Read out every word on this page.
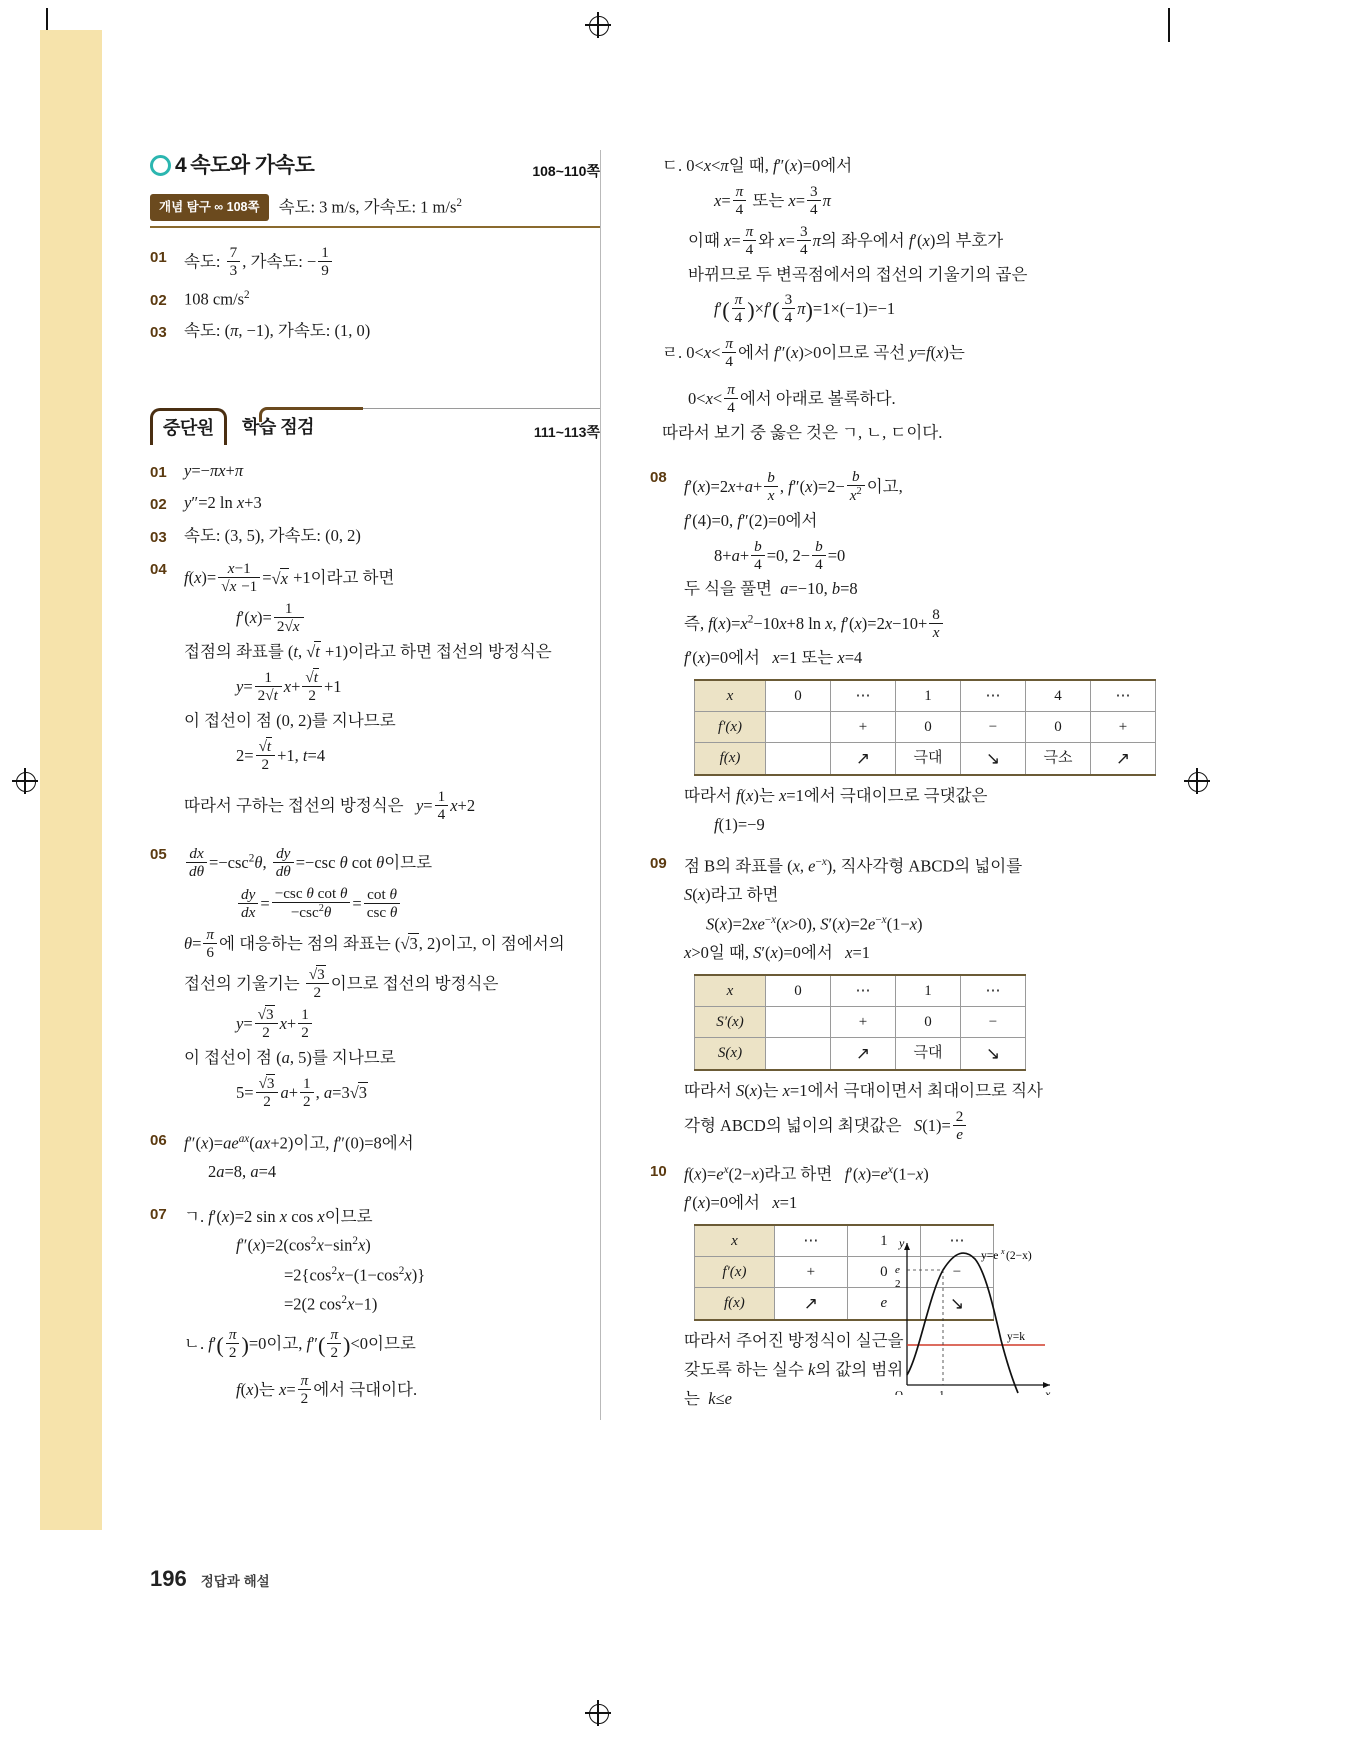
4 속도와 가속도	108~110쪽
개념 탐구 ∞ 108쪽	속도: 3 m/s, 가속도: 1 $m/s^2$
01	속도: $\frac{7}{3}$ , 가속도: − $\frac{1}{9}$
02	108 $cm/s^2$
03	속도: (π, −1), 가속도: (1, 0)
중단원	학습 점검	111~113쪽
01	y=−πx+π
02	y″=2 ln x+3
03	속도: (3, 5), 가속도: (0, 2)
04	f(x)= x−1
√ x −1 = √ x +1이라고 하면
$f'(x)= \frac{1}{2 √ x}$
접점의 좌표를 (t, √ t +1)이라고 하면 접선의 방정식은
$y= \frac{1}{2 √ t} x+$ √ $\frac{t}{2} +1$
이 접선이 점 (0, 2)를 지나므로
2= √ $\frac{t}{2} +1$, t=4
따라서 구하는 접선의 방정식은   $y= \frac{1}{4} x+2$
05	$\frac{dx}{d\theta} =-\csc^2\theta$, $\frac{dy}{d\theta} =-\csc$ θ cot θ이므로
$\frac{dy}{dx} = \frac{\text{−csc θ cot θ}}{-\csc^2\theta} = \frac{\text{cot θ}}{\text{csc θ}}$
$\theta= \frac{\pi}{6}$ 에 대응하는 점의 좌표는 ( √ 3, 2)이고, 이 점에서의
접선의 기울기는 √ $\frac{3}{2}$ 이므로 접선의 방정식은
y= √ $\frac{3}{2} x+ \frac{1}{2}$
이 접선이 점 (a, 5)를 지나므로
5= √ $\frac{3}{2} a+ \frac{1}{2}$ , a=3 √ 3
06	$f''(x)=ae^{ax}(ax+2)$이고, f″(0)=8에서
2a=8, a=4
07	ㄱ. f′(x)=2 sin x cos x이므로
$f''(x)=2(\cos^2x-\sin^2x)$
$=2\{\cos^2x-(1-\cos^2x)\}$
=2(2 $\cos^2x-1$)
ㄴ. $f'( \frac{\pi}{2} )=0$이고, $f''( \frac{\pi}{2} )<0$이므로
f(x)는 $x= \frac{\pi}{2}$ 에서 극대이다.
ㄷ. 0<x<π일 때, f″(x)=0에서
$x= \frac{\pi}{4}$ 또는 $x= \frac{3}{4}$ π
이때 $x= \frac{\pi}{4}$ 와 $x= \frac{3}{4}$ π의 좌우에서 f′(x)의 부호가
바뀌므로 두 변곡점에서의 접선의 기울기의 곱은
$f'( \frac{\pi}{4} )\times f'( \frac{3}{4} \pi)=1\times(-1)=-1$
ㄹ. $0<x< \frac{\pi}{4}$ 에서 f″(x)>0이므로 곡선 y=f(x)는
$0<x< \frac{\pi}{4}$ 에서 아래로 볼록하다.
따라서 보기 중 옳은 것은 ㄱ, ㄴ, ㄷ이다.
08	$f'(x)=2x+a+ \frac{b}{x}$ , $f''(x)=2- \frac{b}{x^2}$ 이고,
f′(4)=0, f″(2)=0에서
$8+a+ \frac{b}{4} =0$, $2- \frac{b}{4} =0$
두 식을 풀면  a=−10, b=8
즉, $f(x)=x^2-10x+8$ ln x, $f'(x)=2x-10+ \frac{8}{x}$
f′(x)=0에서   x=1 또는 x=4
x	0	⋯	1	⋯	4	⋯
f′(x)		+	0	−	0	+
f(x)		↗	극대	↘	극소	↗
따라서 f(x)는 x=1에서 극대이므로 극댓값은
f(1)=−9
09	점 B의 좌표를 (x, $e^{-x}$), 직사각형 ABCD의 넓이를
S(x)라고 하면
$S(x)=2xe^{-x}(x>0)$, $S'(x)=2e^{-x}(1-x)$
x>0일 때, S′(x)=0에서   x=1
x	0	⋯	1	⋯
S′(x)		+	0	−
S(x)		↗	극대	↘
따라서 S(x)는 x=1에서 극대이면서 최대이므로 직사
각형 ABCD의 넓이의 최댓값은   $S(1)= \frac{2}{e}$
10	$f(x)=e^x(2-x)$라고 하면   $f'(x)=e^x(1-x)$
f′(x)=0에서   x=1
x	⋯	1	⋯
f′(x)	+	0	−
f(x)	↗	e	↘
따라서 주어진 방정식이 실근을
갖도록 하는 실수 k의 값의 범위
는  k≤e
y
x
O	1
e
2
y=e x (2−x)
y=k
196 정답과 해설
